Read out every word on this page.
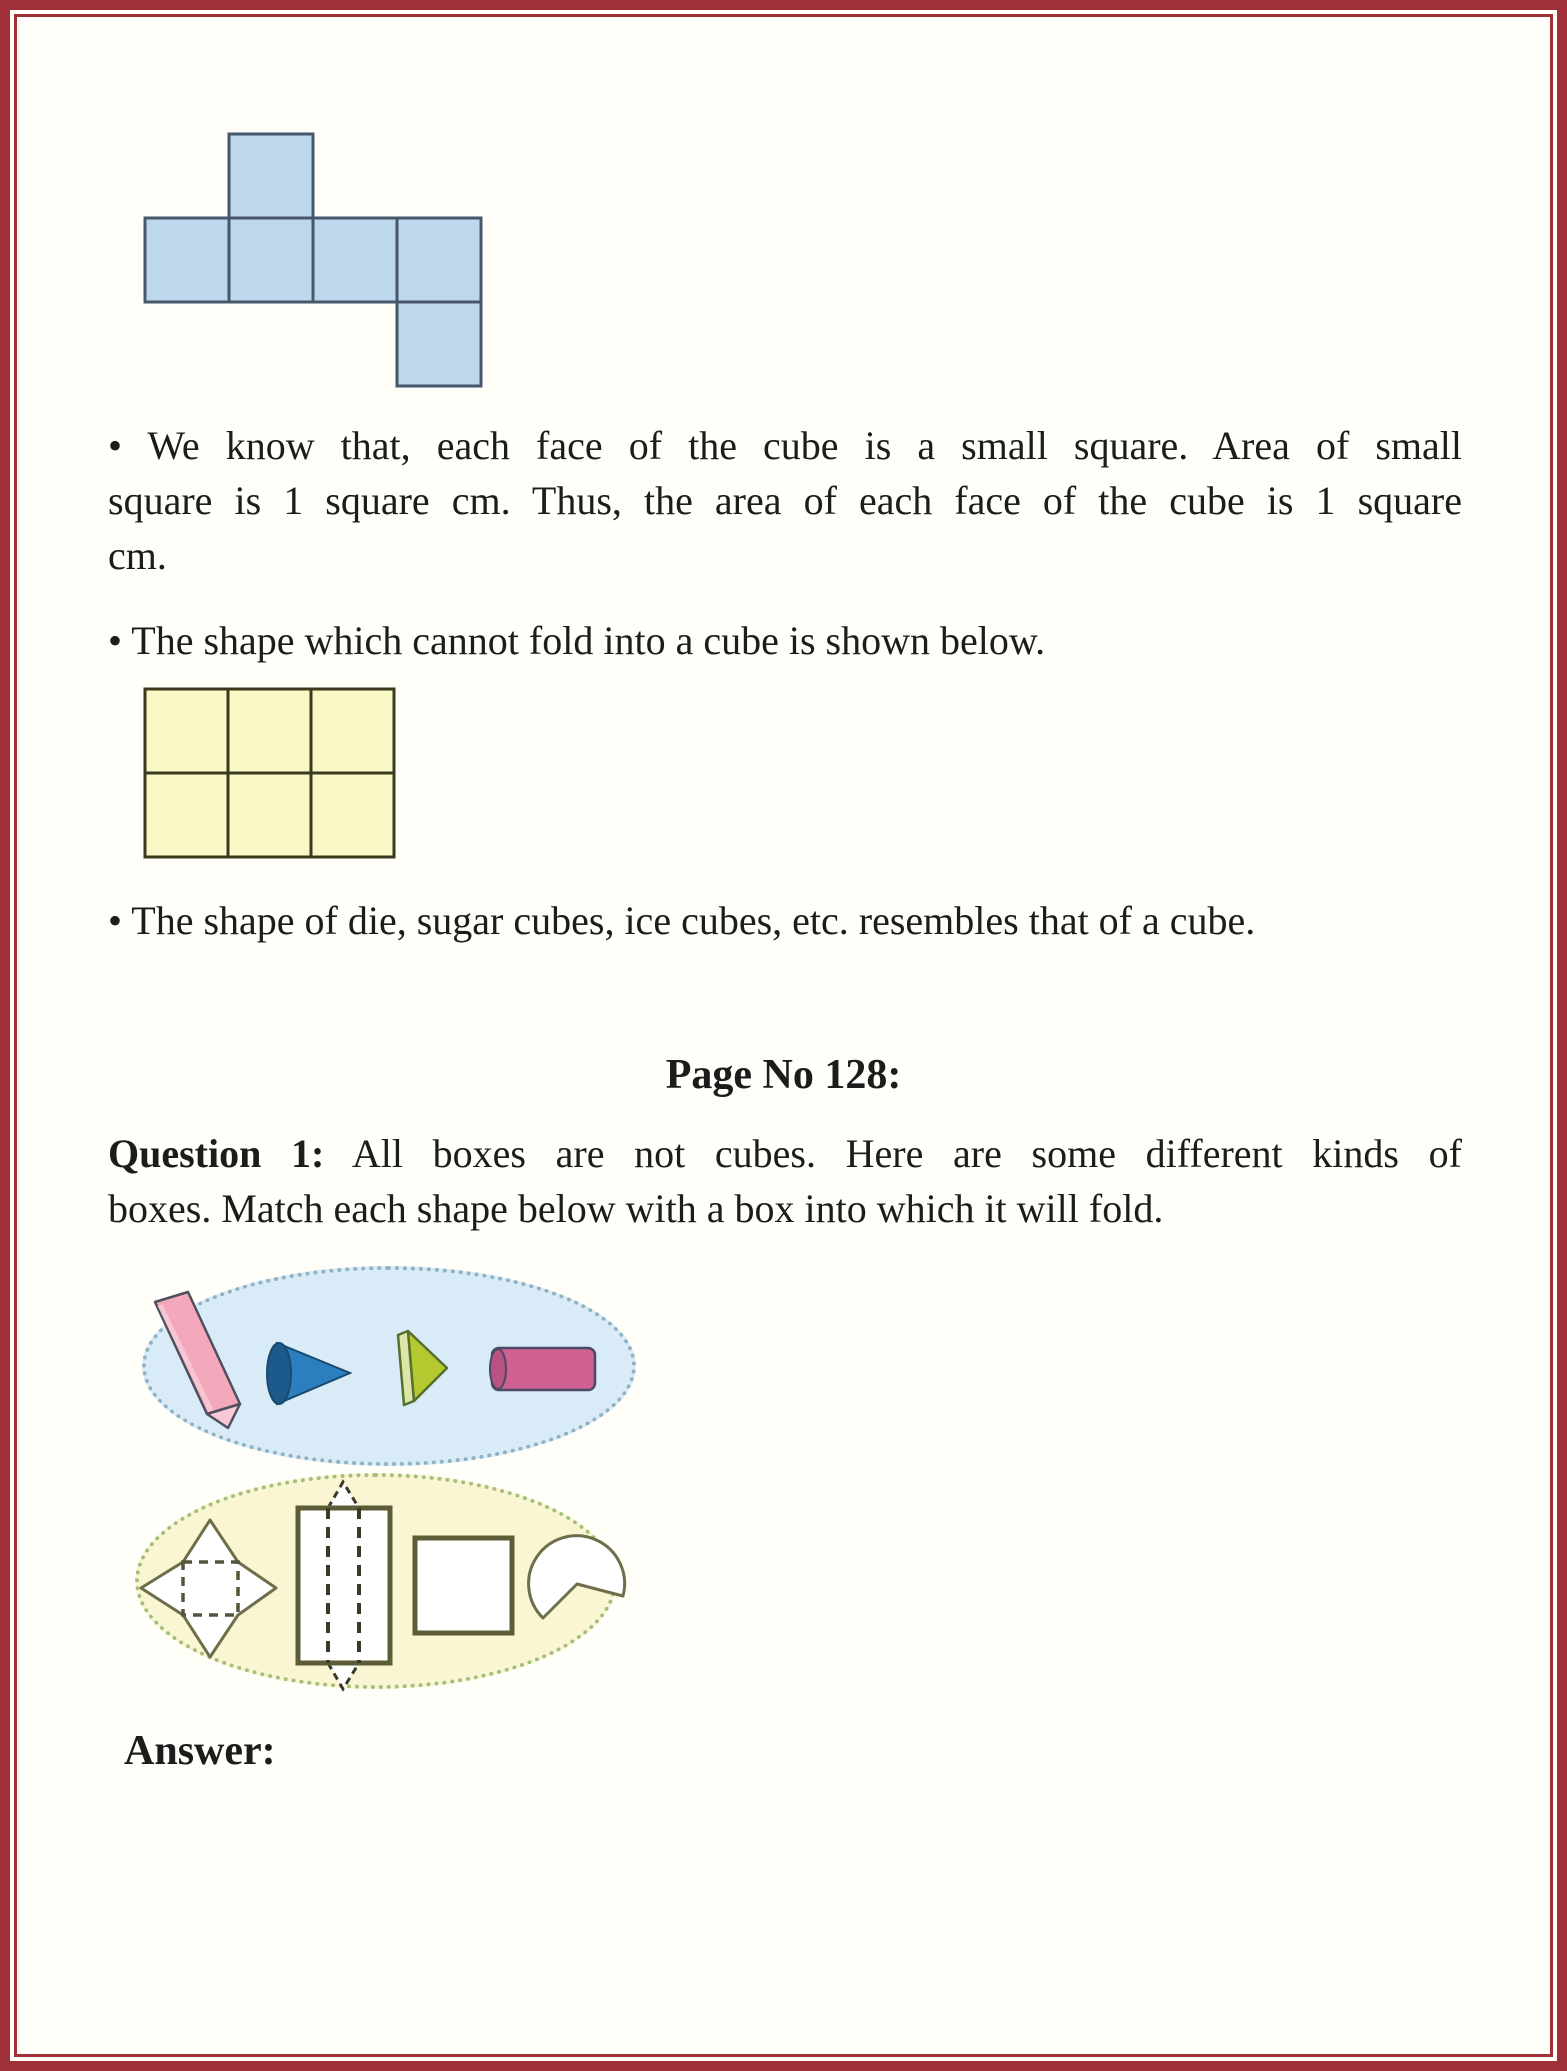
• We know that, each face of the cube is a small square. Area of small
square is 1 square cm. Thus, the area of each face of the cube is 1 square
cm.
• The shape which cannot fold into a cube is shown below.
• The shape of die, sugar cubes, ice cubes, etc. resembles that of a cube.
Page No 128:
Question 1: All boxes are not cubes. Here are some different kinds of
boxes. Match each shape below with a box into which it will fold.
Answer:
